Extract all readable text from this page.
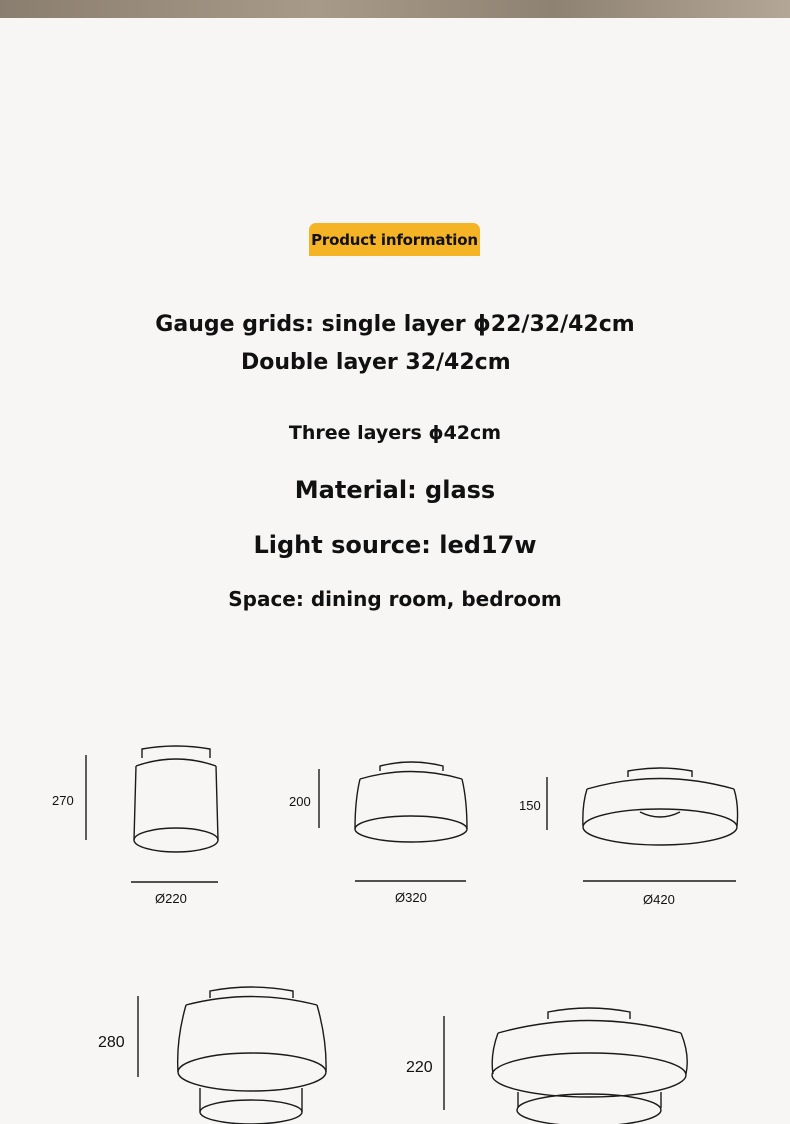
Product information
Gauge grids: single layer ϕ22/32/42cm
Double layer 32/42cm
Three layers ϕ42cm
Material: glass
Light source: led17w
Space: dining room, bedroom
270
Ø220
200
Ø320
150
Ø420
280
220
